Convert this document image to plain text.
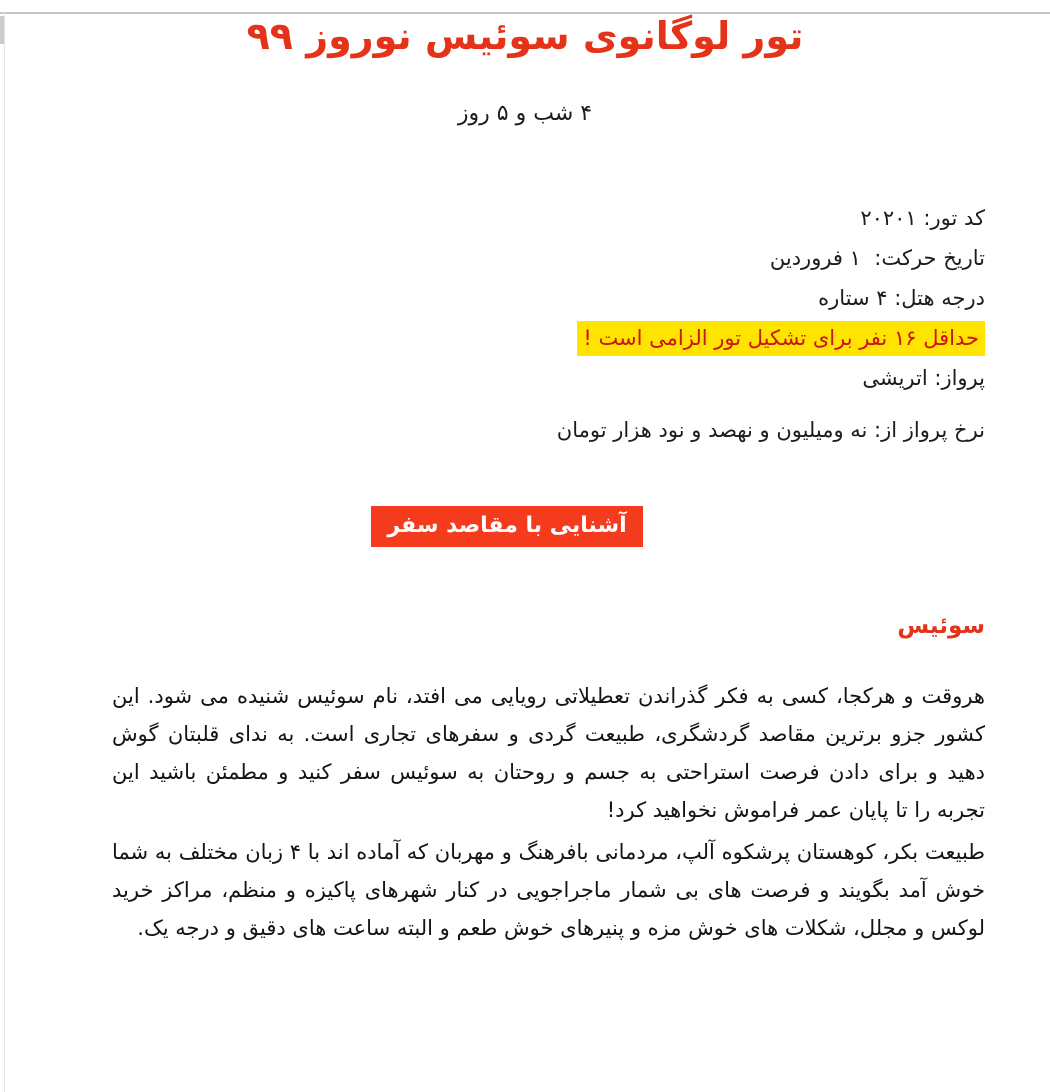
تور لوگانوی سوئیس نوروز ۹۹
۴ شب و ۵ روز
کد تور: ۲۰۲۰۱
تاریخ حرکت:  ۱ فروردین
درجه هتل: ۴ ستاره
حداقل ۱۶ نفر برای تشکیل تور الزامی است !
پرواز: اتریشی
نرخ پرواز از: نه ومیلیون و نهصد و نود هزار تومان
آشنایی با مقاصد سفر
سوئیس

هروقت و هرکجا، کسی به فکر گذراندن تعطیلاتی رویایی می افتد، نام سوئیس شنیده می شود. این کشور جزو برترین مقاصد گردشگری، طبیعت گردی و سفرهای تجاری است. به ندای قلبتان گوش دهید و برای دادن فرصت استراحتی به جسم و روحتان به سوئیس سفر کنید و مطمئن باشید این تجربه را تا پایان عمر فراموش نخواهید کرد!

طبیعت بکر، کوهستان پرشکوه آلپ، مردمانی بافرهنگ و مهربان که آماده اند با ۴ زبان مختلف به شما خوش آمد بگویند و فرصت های بی شمار ماجراجویی در کنار شهرهای پاکیزه و منظم، مراکز خرید لوکس و مجلل، شکلات های خوش مزه و پنیرهای خوش طعم و البته ساعت های دقیق و درجه یک.
